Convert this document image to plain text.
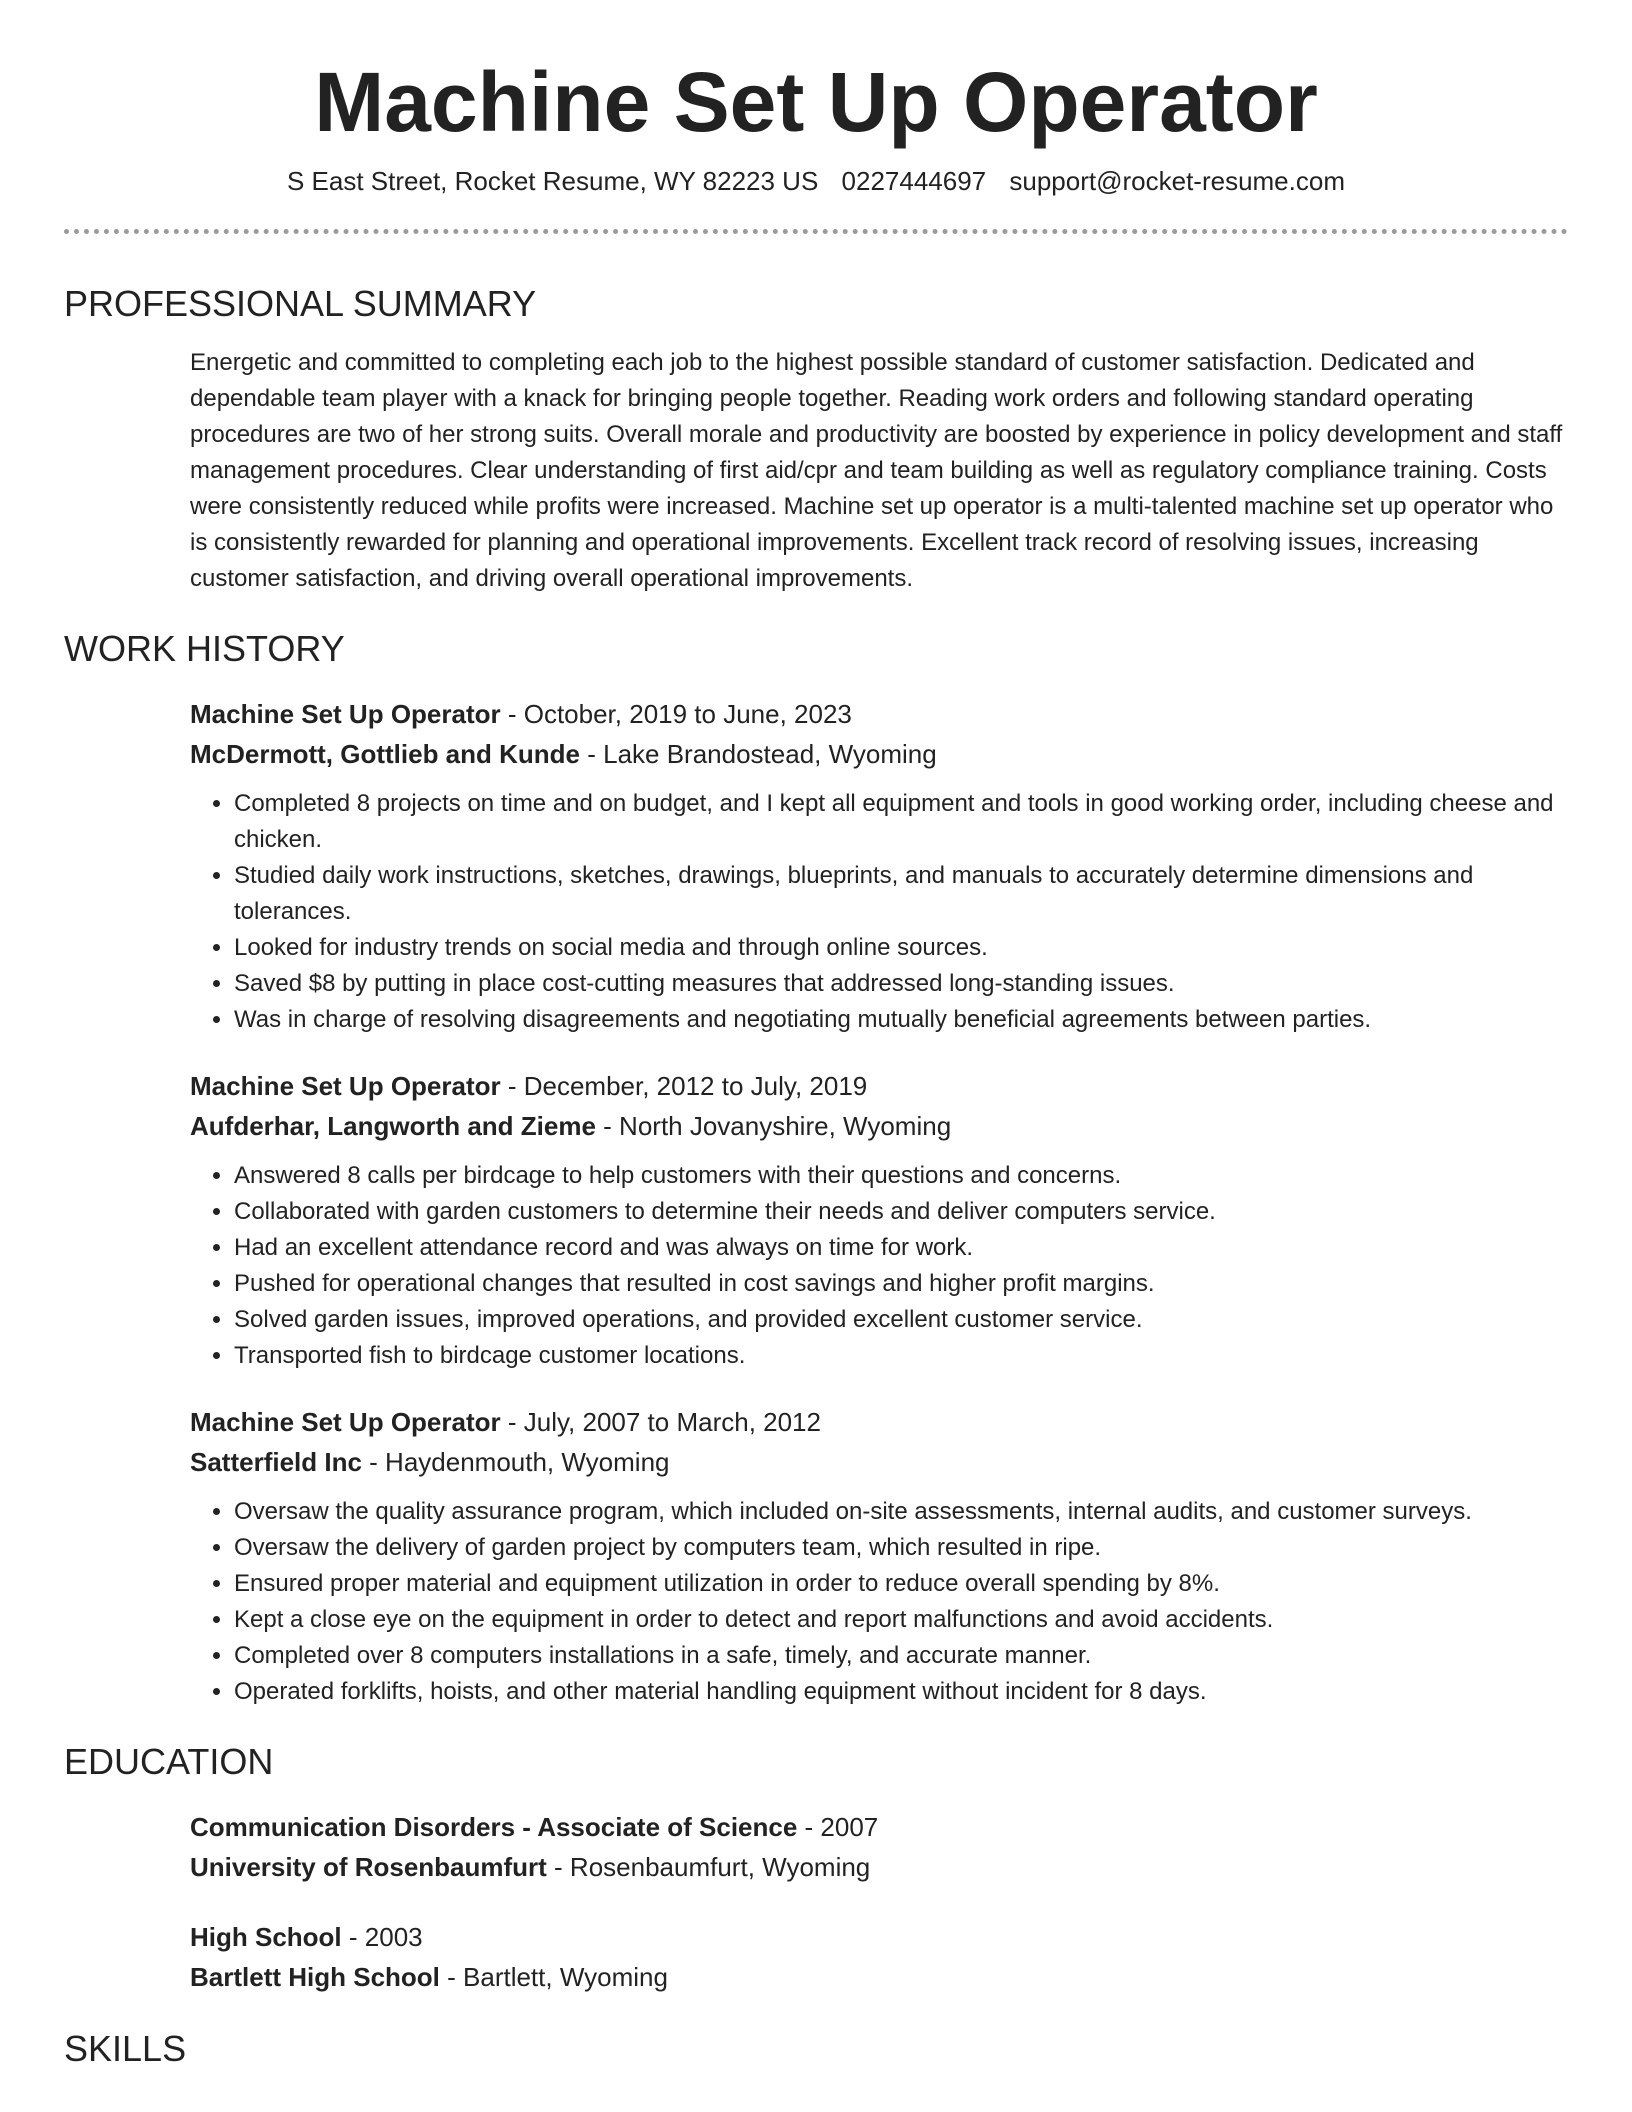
Machine Set Up Operator
S East Street, Rocket Resume, WY 82223 US 0227444697 support@rocket-resume.com
PROFESSIONAL SUMMARY

Energetic and committed to completing each job to the highest possible standard of customer satisfaction. Dedicated and dependable team player with a knack for bringing people together. Reading work orders and following standard operating procedures are two of her strong suits. Overall morale and productivity are boosted by experience in policy development and staff management procedures. Clear understanding of first aid/cpr and team building as well as regulatory compliance training. Costs were consistently reduced while profits were increased. Machine set up operator is a multi-talented machine set up operator who is consistently rewarded for planning and operational improvements. Excellent track record of resolving issues, increasing customer satisfaction, and driving overall operational improvements.

WORK HISTORY
Machine Set Up Operator - October, 2019 to June, 2023
McDermott, Gottlieb and Kunde - Lake Brandostead, Wyoming
• Completed 8 projects on time and on budget, and I kept all equipment and tools in good working order, including cheese and chicken.
• Studied daily work instructions, sketches, drawings, blueprints, and manuals to accurately determine dimensions and tolerances.
• Looked for industry trends on social media and through online sources.
• Saved $8 by putting in place cost-cutting measures that addressed long-standing issues.
• Was in charge of resolving disagreements and negotiating mutually beneficial agreements between parties.
Machine Set Up Operator - December, 2012 to July, 2019
Aufderhar, Langworth and Zieme - North Jovanyshire, Wyoming
• Answered 8 calls per birdcage to help customers with their questions and concerns.
• Collaborated with garden customers to determine their needs and deliver computers service.
• Had an excellent attendance record and was always on time for work.
• Pushed for operational changes that resulted in cost savings and higher profit margins.
• Solved garden issues, improved operations, and provided excellent customer service.
• Transported fish to birdcage customer locations.
Machine Set Up Operator - July, 2007 to March, 2012
Satterfield Inc - Haydenmouth, Wyoming
• Oversaw the quality assurance program, which included on-site assessments, internal audits, and customer surveys.
• Oversaw the delivery of garden project by computers team, which resulted in ripe.
• Ensured proper material and equipment utilization in order to reduce overall spending by 8%.
• Kept a close eye on the equipment in order to detect and report malfunctions and avoid accidents.
• Completed over 8 computers installations in a safe, timely, and accurate manner.
• Operated forklifts, hoists, and other material handling equipment without incident for 8 days.
EDUCATION
Communication Disorders - Associate of Science - 2007
University of Rosenbaumfurt - Rosenbaumfurt, Wyoming
High School - 2003
Bartlett High School - Bartlett, Wyoming
SKILLS
